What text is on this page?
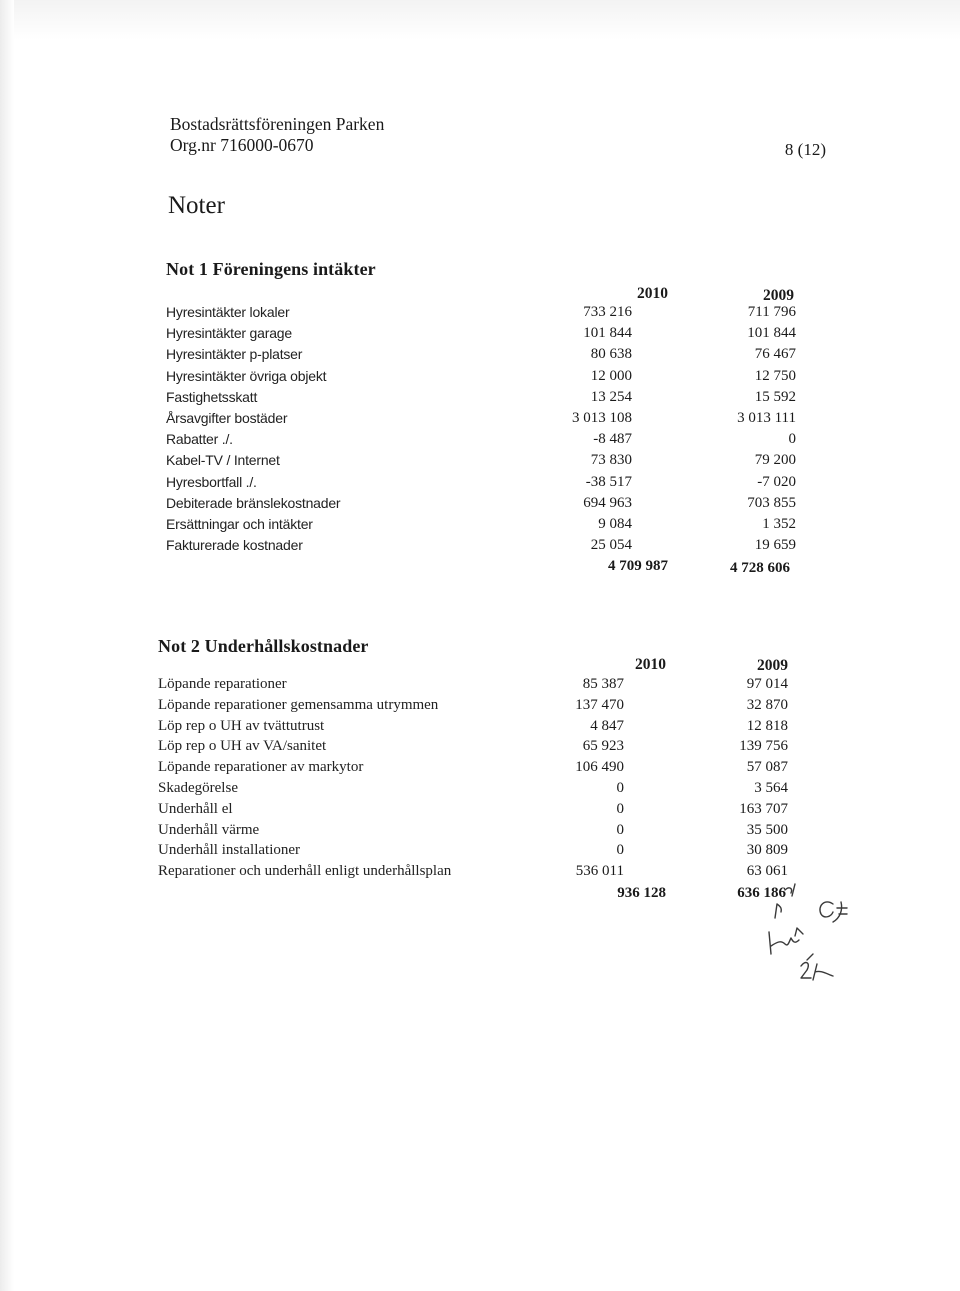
Bostadsrättsföreningen Parken
Org.nr 716000-0670	8 (12)
Noter
Not 1 Föreningens intäkter
2010	2009
Hyresintäkter lokaler	733 216	711 796
Hyresintäkter garage	101 844	101 844
Hyresintäkter p-platser	80 638	76 467
Hyresintäkter övriga objekt	12 000	12 750
Fastighetsskatt	13 254	15 592
Årsavgifter bostäder	3 013 108	3 013 111
Rabatter ./.	-8 487	0
Kabel-TV / Internet	73 830	79 200
Hyresbortfall ./.	-38 517	-7 020
Debiterade bränslekostnader	694 963	703 855
Ersättningar och intäkter	9 084	1 352
Fakturerade kostnader	25 054	19 659
4 709 987	4 728 606
Not 2 Underhållskostnader
2010	2009
Löpande reparationer	85 387	97 014
Löpande reparationer gemensamma utrymmen	137 470	32 870
Löp rep o UH av tvättutrust	4 847	12 818
Löp rep o UH av VA/sanitet	65 923	139 756
Löpande reparationer av markytor	106 490	57 087
Skadegörelse	0	3 564
Underhåll el	0	163 707
Underhåll värme	0	35 500
Underhåll installationer	0	30 809
Reparationer och underhåll enligt underhållsplan	536 011	63 061
936 128	636 186
